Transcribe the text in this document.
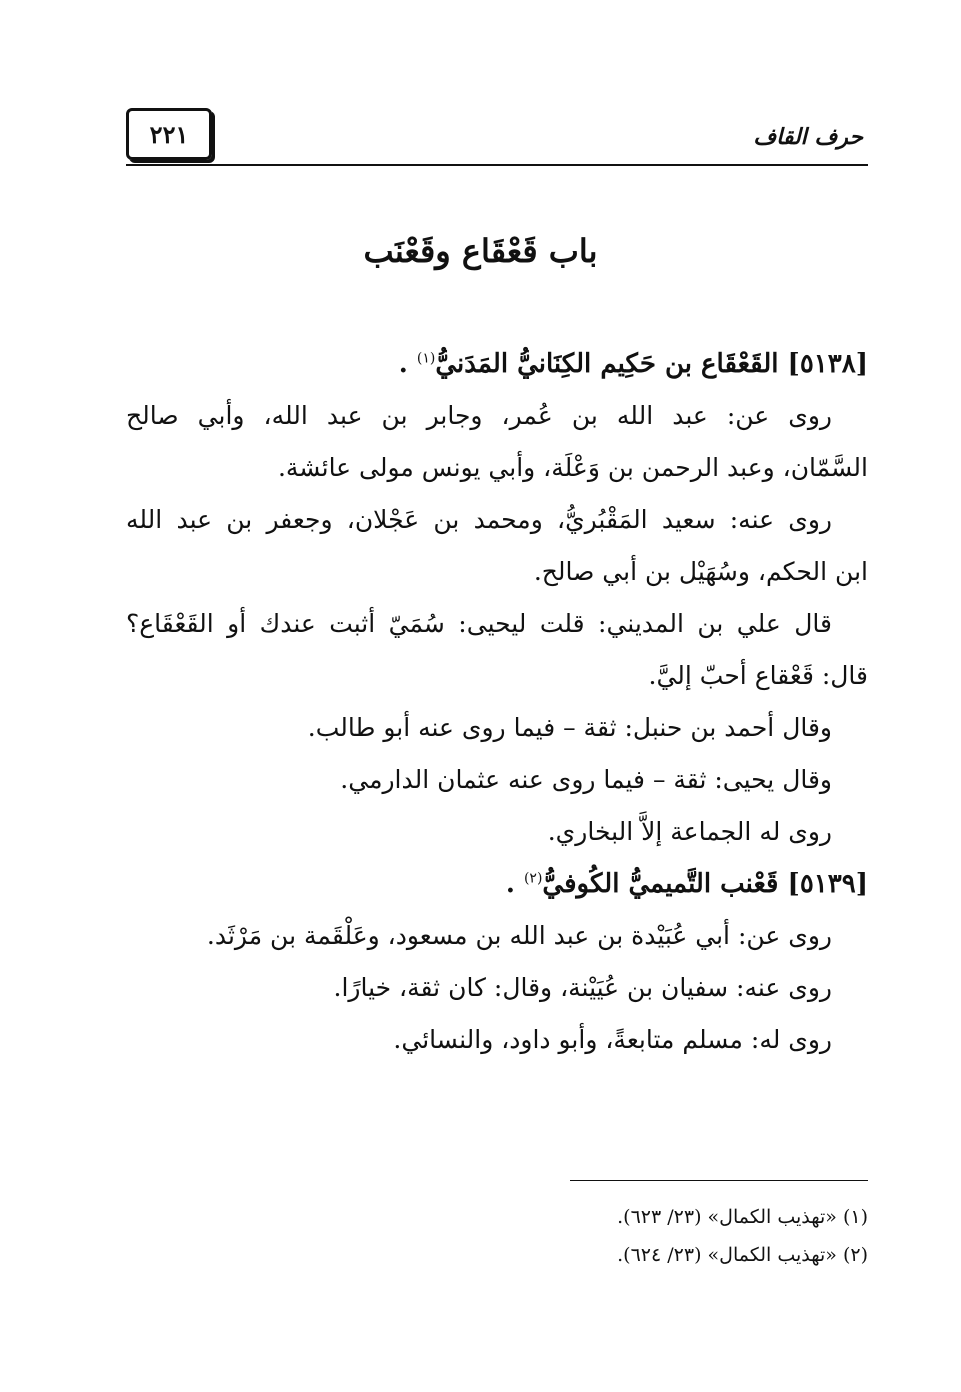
حرف القاف
٢٢١
باب قَعْقَاع وقَعْنَب
[٥١٣٨] القَعْقَاع بن حَكِيم الكِنَانيُّ المَدَنيُّ$^{(١)}$ .
روى عن: عبد الله بن عُمر، وجابر بن عبد الله، وأبي صالح
السَّمّان، وعبد الرحمن بن وَعْلَة، وأبي يونس مولى عائشة.
روى عنه: سعيد المَقْبُريُّ، ومحمد بن عَجْلان، وجعفر بن عبد الله
ابن الحكم، وسُهَيْل بن أبي صالح.
قال علي بن المديني: قلت ليحيى: سُمَيّ أثبت عندك أو القَعْقَاع؟
قال: قَعْقاع أحبّ إليَّ.
وقال أحمد بن حنبل: ثقة – فيما روى عنه أبو طالب.
وقال يحيى: ثقة – فيما روى عنه عثمان الدارمي.
روى له الجماعة إلاَّ البخاري.
[٥١٣٩] قَعْنب التَّميميُّ الكُوفيُّ$^{(٢)}$ .
روى عن: أبي عُبَيْدة بن عبد الله بن مسعود، وعَلْقَمة بن مَرْثَد.
روى عنه: سفيان بن عُيَيْنة، وقال: كان ثقة، خيارًا.
روى له: مسلم متابعةً، وأبو داود، والنسائي.
(١) «تهذيب الكمال» (٢٣/ ٦٢٣).
(٢) «تهذيب الكمال» (٢٣/ ٦٢٤).
